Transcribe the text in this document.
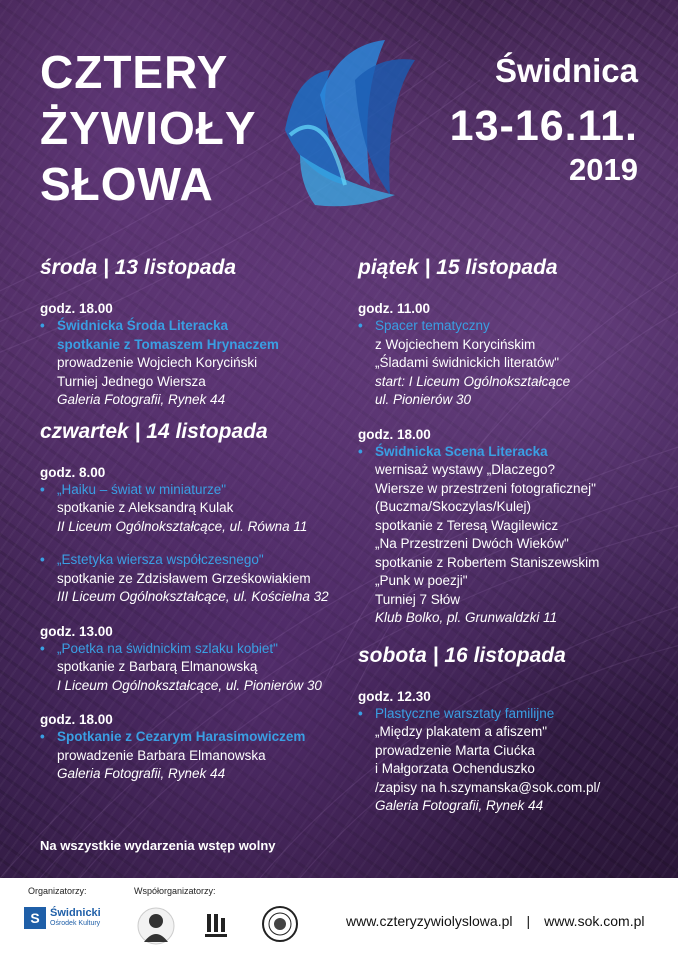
CZTERY
ŻYWIOŁY
SŁOWA
Świdnica
13-16.11.
2019
środa | 13 listopada
godz. 18.00
• Świdnicka Środa Literacka
spotkanie z Tomaszem Hrynaczem
prowadzenie Wojciech Koryciński
Turniej Jednego Wiersza
Galeria Fotografii, Rynek 44
czwartek | 14 listopada
godz. 8.00
• „Haiku – świat w miniaturze"
spotkanie z Aleksandrą Kulak
II Liceum Ogólnokształcące, ul. Równa 11
• „Estetyka wiersza współczesnego"
spotkanie ze Zdzisławem Grześkowiakiem
III Liceum Ogólnokształcące, ul. Kościelna 32
godz. 13.00
• „Poetka na świdnickim szlaku kobiet"
spotkanie z Barbarą Elmanowską
I Liceum Ogólnokształcące, ul. Pionierów 30
godz. 18.00
• Spotkanie z Cezarym Harasimowiczem
prowadzenie Barbara Elmanowska
Galeria Fotografii, Rynek 44
piątek | 15 listopada
godz. 11.00
• Spacer tematyczny
z Wojciechem Korycińskim
„Śladami świdnickich literatów"
start: I Liceum Ogólnokształcące
ul. Pionierów 30
godz. 18.00
• Świdnicka Scena Literacka
wernisaż wystawy „Dlaczego?
Wiersze w przestrzeni fotograficznej"
(Buczma/Skoczylas/Kulej)
spotkanie z Teresą Wagilewicz
„Na Przestrzeni Dwóch Wieków"
spotkanie z Robertem Staniszewskim
„Punk w poezji"
Turniej 7 Słów
Klub Bolko, pl. Grunwaldzki 11
sobota | 16 listopada
godz. 12.30
• Plastyczne warsztaty familijne
„Między plakatem a afiszem"
prowadzenie Marta Ciućka
i Małgorzata Ochenduszko
/zapisy na h.szymanska@sok.com.pl/
Galeria Fotografii, Rynek 44
Na wszystkie wydarzenia wstęp wolny
Organizatorzy:	Współorganizatorzy:
S Świdnicki
Ośrodek Kultury	www.czteryzywiolyslowa.pl | www.sok.com.pl
